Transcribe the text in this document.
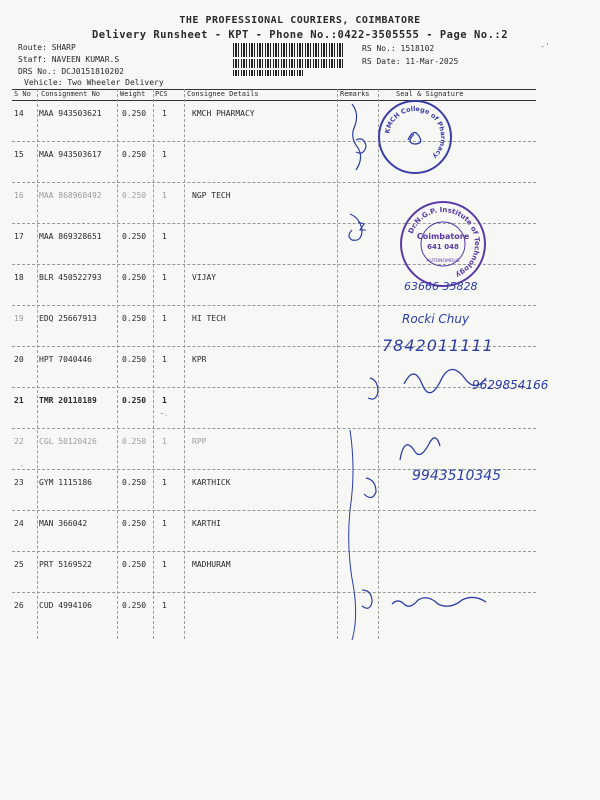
THE PROFESSIONAL COURIERS, COIMBATORE
Delivery Runsheet - KPT - Phone No.:0422-3505555 - Page No.:2
Route: SHARP
Staff: NAVEEN KUMAR.S
DRS No.: DCJ0151810202
Vehicle: Two Wheeler Delivery
RS No.: 1518102
RS Date: 11-Mar-2025
S No Consignment No	Weight PCS	Consignee Details	Remarks	Seal & Signature
14 MAA 943503621	0.250 1	KMCH PHARMACY
15 MAA 943503617	0.250 1
16 MAA 868960492	0.250 1	NGP TECH
17 MAA 869328651	0.250 1
18 BLR 450522793	0.250 1	VIJAY
19 EDQ 25667913	0.250 1	HI TECH
20 HPT 7040446	0.250 1	KPR
21 TMR 20118189	0.250 1
22 CGL 50120426	0.250 1	RPP
23 GYM 1115186	0.250 1	KARTHICK
24 MAN 366042	0.250 1	KARTHI
25 PRT 5169522	0.250 1	MADHURAM
26 CUD 4994106	0.250 1
KMCH College of Pharmacy
Dr.N.G.P. Institute of Technology
Coimbatore
641 048
AUTONOMOUS
63666 35828
Rocki Chuy
7842011111
9629854166
9943510345
-'
~.
,
